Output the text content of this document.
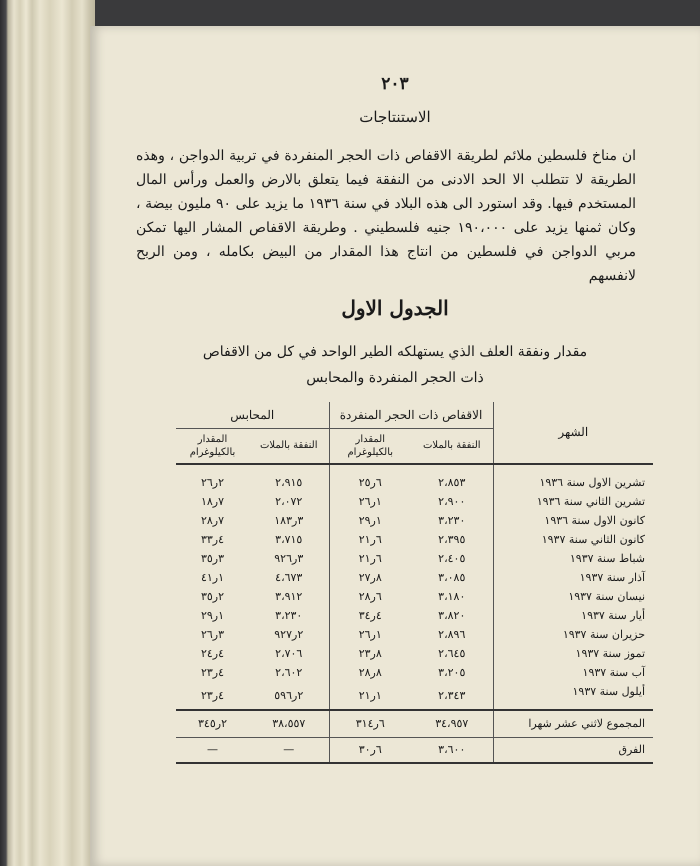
٢٠٣
الاستنتاجات
ان مناخ فلسطين ملائم لطريقة الاقفاص ذات الحجر المنفردة في تربية الدواجن ، وهذه الطريقة لا تتطلب الا الحد الادنى من النفقة فيما يتعلق بالارض والعمل ورأس المال المستخدم فيها. وقد استورد الى هذه البلاد في سنة ١٩٣٦ ما يزيد على ٩٠ مليون بيضة ، وكان ثمنها يزيد على ١٩٠،٠٠٠ جنيه فلسطيني . وطريقة الاقفاص المشار اليها تمكن مربي الدواجن في فلسطين من انتاج هذا المقدار من البيض بكامله ، ومن الربح لانفسهم
الجدول الاول
مقدار ونفقة العلف الذي يستهلكه الطير الواحد في كل من الاقفاص
ذات الحجر المنفردة والمحابس
الشهر	الاقفاص ذات الحجر المنفردة		المحابس	
	النفقة بالملات	المقدار بالكيلوغرام	النفقة بالملات	المقدار بالكيلوغرام
تشرين الاول سنة ١٩٣٦	٢،٨٥٣	٦ر٢٥	٢،٩١٥	٢ر٢٦
تشرين الثاني سنة ١٩٣٦	٢،٩٠٠	١ر٢٦	٢،٠٧٢	٧ر١٨
كانون الاول سنة ١٩٣٦	٣،٢٣٠	١ر٢٩	٣ر١٨٣	٧ر٢٨
كانون الثاني سنة ١٩٣٧	٢،٣٩٥	٦ر٢١	٣،٧١٥	٤ر٣٣
شباط سنة ١٩٣٧	٢،٤٠٥	٦ر٢١	٣ر٩٢٦	٣ر٣٥
آذار سنة ١٩٣٧	٣،٠٨٥	٨ر٢٧	٤،٦٧٣	١ر٤١
نيسان سنة ١٩٣٧	٣،١٨٠	٦ر٢٨	٣،٩١٢	٢ر٣٥
أيار سنة ١٩٣٧	٣،٨٢٠	٤ر٣٤	٣،٢٣٠	١ر٢٩
حزيران سنة ١٩٣٧	٢،٨٩٦	١ر٢٦	٢ر٩٢٧	٣ر٢٦
تموز سنة ١٩٣٧	٢،٦٤٥	٨ر٢٣	٢،٧٠٦	٤ر٢٤
آب سنة ١٩٣٧	٣،٢٠٥	٨ر٢٨	٢،٦٠٢	٤ر٢٣
أيلول سنة ١٩٣٧	٢،٣٤٣	١ر٢١	٢ر٥٩٦	٤ر٢٣
المجموع لاثني عشر شهرا	٣٤،٩٥٧	٦ر٣١٤	٣٨،٥٥٧	٢ر٣٤٥
الفرق	٣،٦٠٠	٦ر٣٠	—	—
